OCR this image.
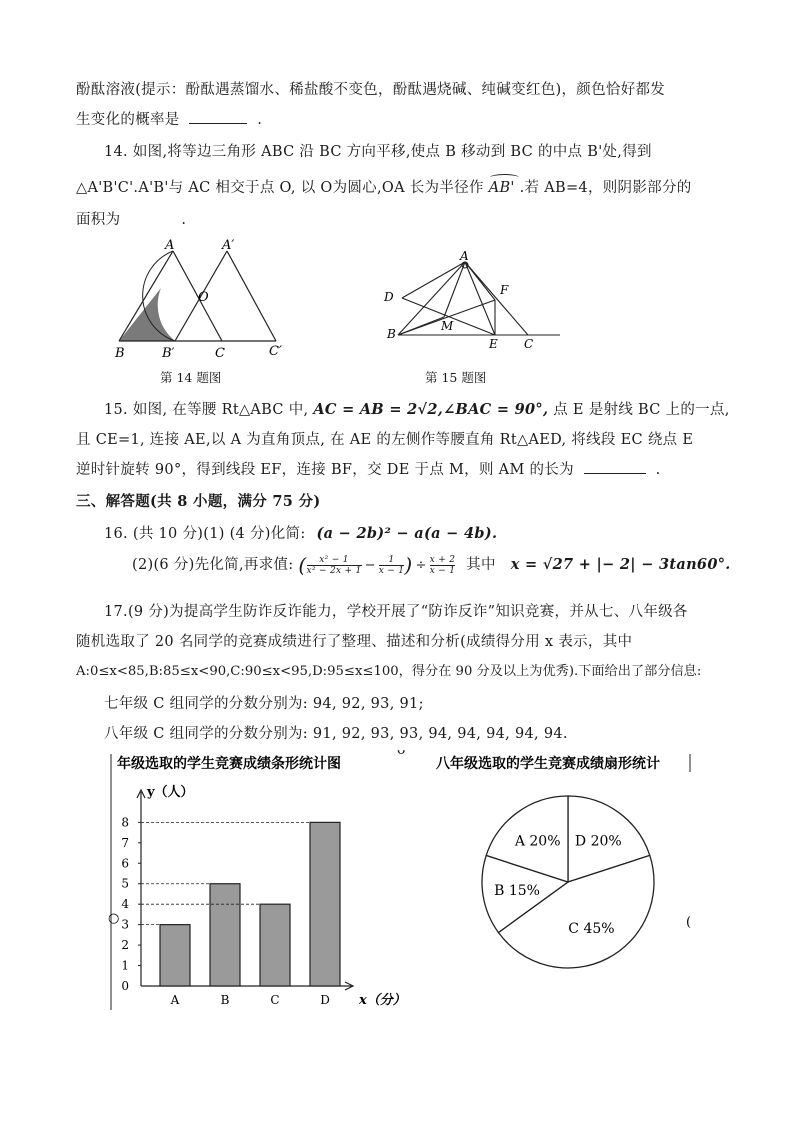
酚酞溶液(提示：酚酞遇蒸馏水、稀盐酸不变色，酚酞遇烧碱、纯碱变红色)，颜色恰好都发
生变化的概率是	.
14. 如图,将等边三角形 ABC 沿 BC 方向平移,使点 B 移动到 BC 的中点 B'处,得到
△A'B'C'.A'B'与 AC 相交于点 O, 以 O为圆心,OA 长为半径作 AB' .若 AB=4，则阴影部分的
面积为	.
A	A′
O
B	B′	C	C′
第 14 题图
A
D	F
M
B
E C
第 15 题图
15. 如图, 在等腰 Rt△ABC 中, AC = AB = 2√2,∠BAC = 90°, 点 E 是射线 BC 上的一点,
且 CE=1, 连接 AE,以 A 为直角顶点, 在 AE 的左侧作等腰直角 Rt△AED, 将线段 EC 绕点 E
逆时针旋转 90°，得到线段 EF，连接 BF，交 DE 于点 M，则 AM 的长为	.
三、解答题(共 8 小题，满分 75 分)
16. (共 10 分)(1) (4 分)化简: (a − 2b)² − a(a − 4b).
(2)(6 分)先化简,再求值: ( $\frac{\text{x² − 1}}{\text{x² − 2x + 1}} - \frac{1}{x - 1}$ ) ÷ $\frac{x + 2}{x - 1}$ 其中 x = √27 + |− 2| − 3tan60°.
17.(9 分)为提高学生防诈反诈能力，学校开展了“防诈反诈”知识竞赛，并从七、八年级各
随机选取了 20 名同学的竞赛成绩进行了整理、描述和分析(成绩得分用 x 表示，其中
A:0≤x<85,B:85≤x<90,C:90≤x<95,D:95≤x≤100，得分在 90 分及以上为优秀).下面给出了部分信息:
七年级 C 组同学的分数分别为: 94, 92, 93, 91;
八年级 C 组同学的分数分别为: 91, 92, 93, 93, 94, 94, 94, 94, 94.
○
年级选取的学生竞赛成绩条形统计图
y（人）
x（分）
0
1
2
3
4
5
6
7
8
A	B	C	D
ᴗ
八年级选取的学生竞赛成绩扇形统计
(
D 20%
C 45%
B 15%
A 20%
